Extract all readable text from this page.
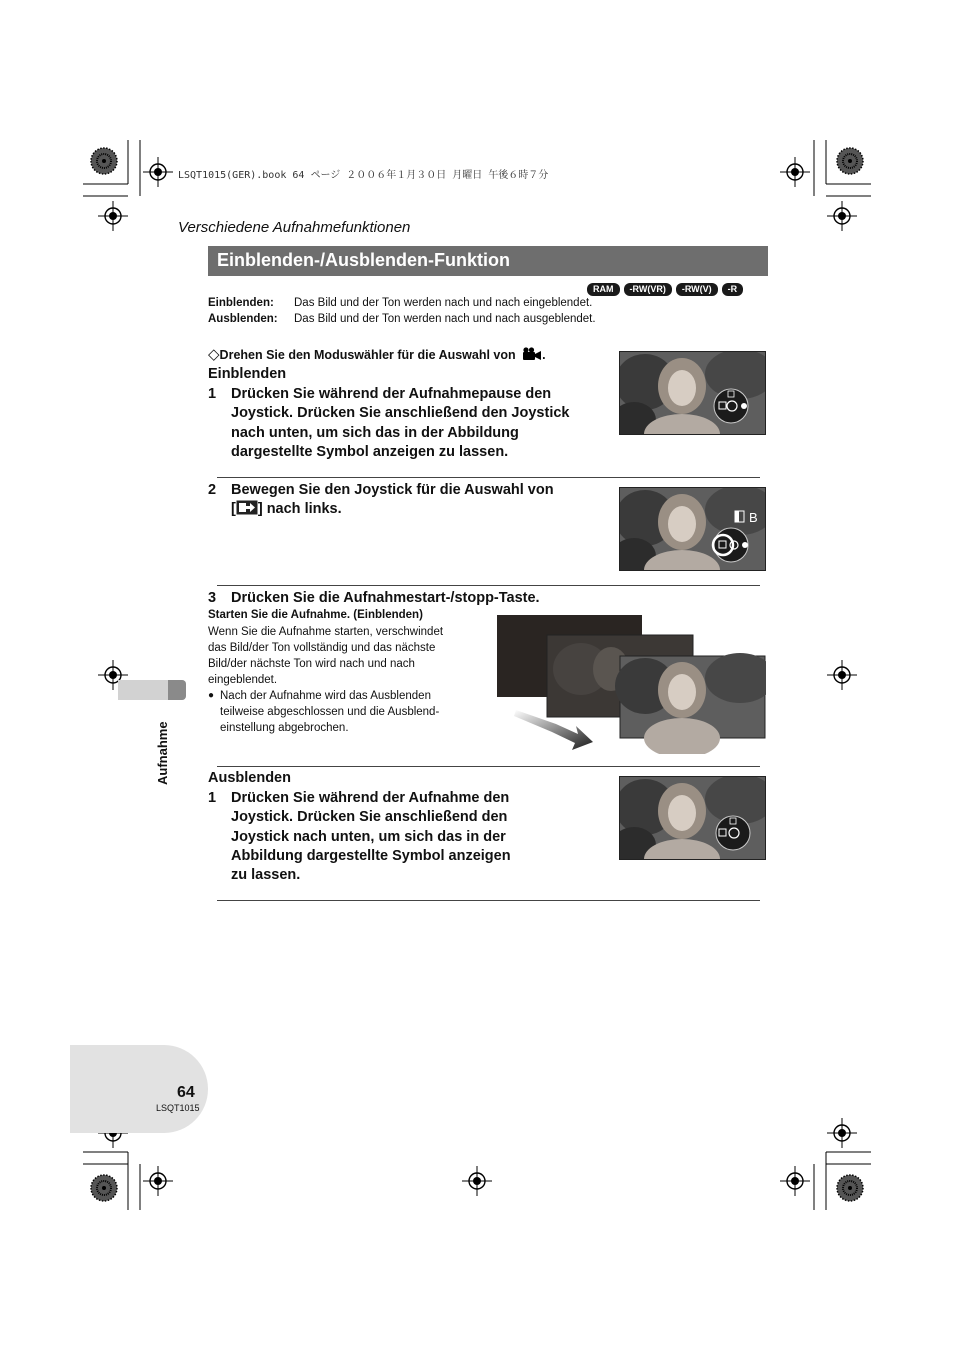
LSQT1015(GER).book 64 ページ ２００６年１月３０日 月曜日 午後６時７分
Verschiedene Aufnahmefunktionen
Einblenden-/Ausblenden-Funktion
RAM	-RW(VR)	-RW(V)	-R
Einblenden: Das Bild und der Ton werden nach und nach eingeblendet.
Ausblenden: Das Bild und der Ton werden nach und nach ausgeblendet.
◇Drehen Sie den Moduswähler für die Auswahl von .
Einblenden
1 Drücken Sie während der Aufnahmepause den
Joystick. Drücken Sie anschließend den Joystick
nach unten, um sich das in der Abbildung
dargestellte Symbol anzeigen zu lassen.
2 Bewegen Sie den Joystick für die Auswahl von
[ ] nach links.
B
3 Drücken Sie die Aufnahmestart-/stopp-Taste.
Starten Sie die Aufnahme. (Einblenden)
Wenn Sie die Aufnahme starten, verschwindet
das Bild/der Ton vollständig und das nächste
Bild/der nächste Ton wird nach und nach
eingeblendet.
● Nach der Aufnahme wird das Ausblenden
teilweise abgeschlossen und die Ausblend-
einstellung abgebrochen.
Ausblenden
1 Drücken Sie während der Aufnahme den
Joystick. Drücken Sie anschließend den
Joystick nach unten, um sich das in der
Abbildung dargestellte Symbol anzeigen
zu lassen.
Aufnahme
64
LSQT1015
